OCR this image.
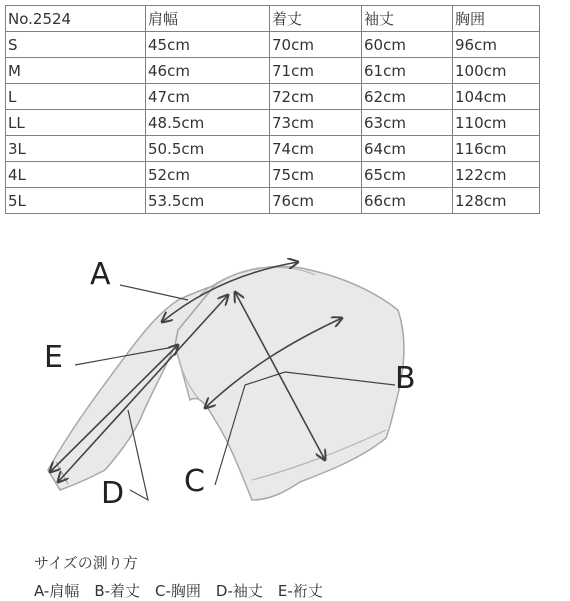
No.2524	肩幅	着丈	袖丈	胸囲
S	45cm	70cm	60cm	96cm
M	46cm	71cm	61cm	100cm
L	47cm	72cm	62cm	104cm
LL	48.5cm	73cm	63cm	110cm
3L	50.5cm	74cm	64cm	116cm
4L	52cm	75cm	65cm	122cm
5L	53.5cm	76cm	66cm	128cm
A
E
B
C
D
サイズの測り方
A-肩幅　B-着丈　C-胸囲　D-袖丈　E-裄丈
